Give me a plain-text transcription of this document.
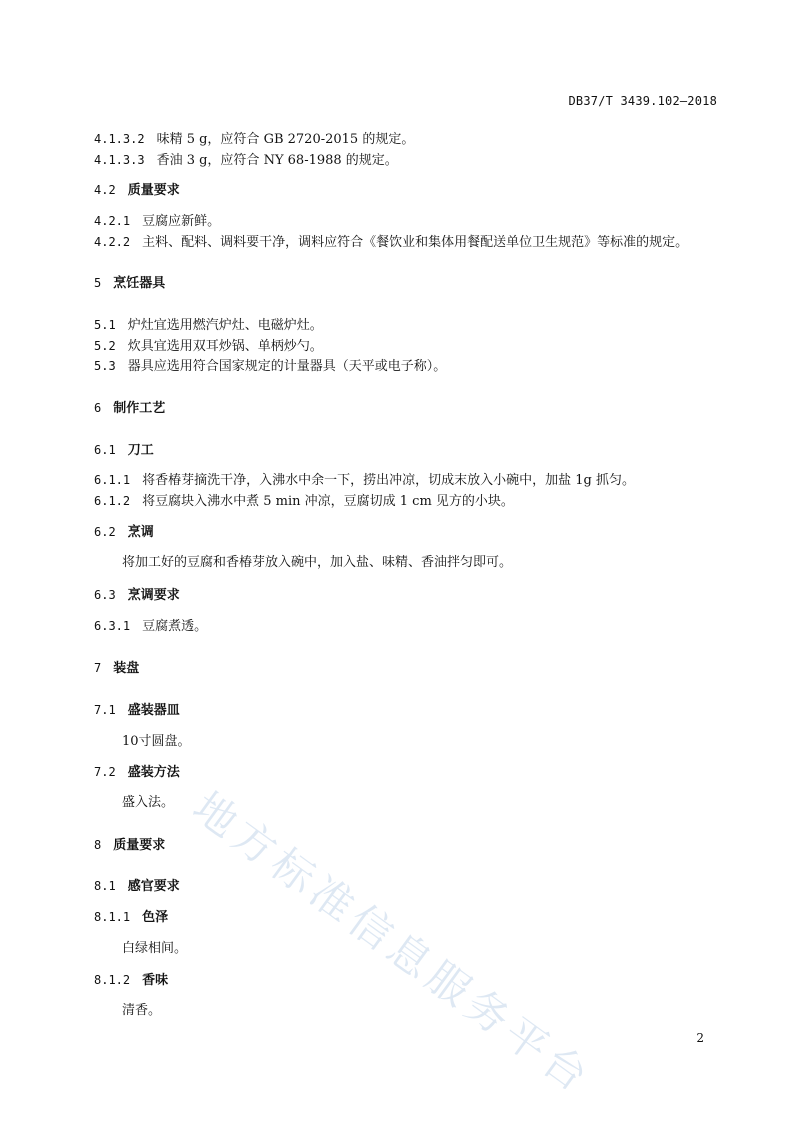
DB37/T 3439.102—2018
地方标准信息服务平台
4.1.3.2 味精 5 g，应符合 GB 2720-2015 的规定。
4.1.3.3 香油 3 g，应符合 NY 68-1988 的规定。
4.2 质量要求
4.2.1 豆腐应新鲜。
4.2.2 主料、配料、调料要干净，调料应符合《餐饮业和集体用餐配送单位卫生规范》等标准的规定。
5 烹饪器具
5.1 炉灶宜选用燃汽炉灶、电磁炉灶。
5.2 炊具宜选用双耳炒锅、单柄炒勺。
5.3 器具应选用符合国家规定的计量器具（天平或电子称）。
6 制作工艺
6.1 刀工
6.1.1 将香椿芽摘洗干净，入沸水中余一下，捞出冲凉，切成末放入小碗中，加盐 1g 抓匀。
6.1.2 将豆腐块入沸水中煮 5 min 冲凉，豆腐切成 1 cm 见方的小块。
6.2 烹调
将加工好的豆腐和香椿芽放入碗中，加入盐、味精、香油拌匀即可。
6.3 烹调要求
6.3.1 豆腐煮透。
7 装盘
7.1 盛装器皿
10寸圆盘。
7.2 盛装方法
盛入法。
8 质量要求
8.1 感官要求
8.1.1 色泽
白绿相间。
8.1.2 香味
清香。
2
